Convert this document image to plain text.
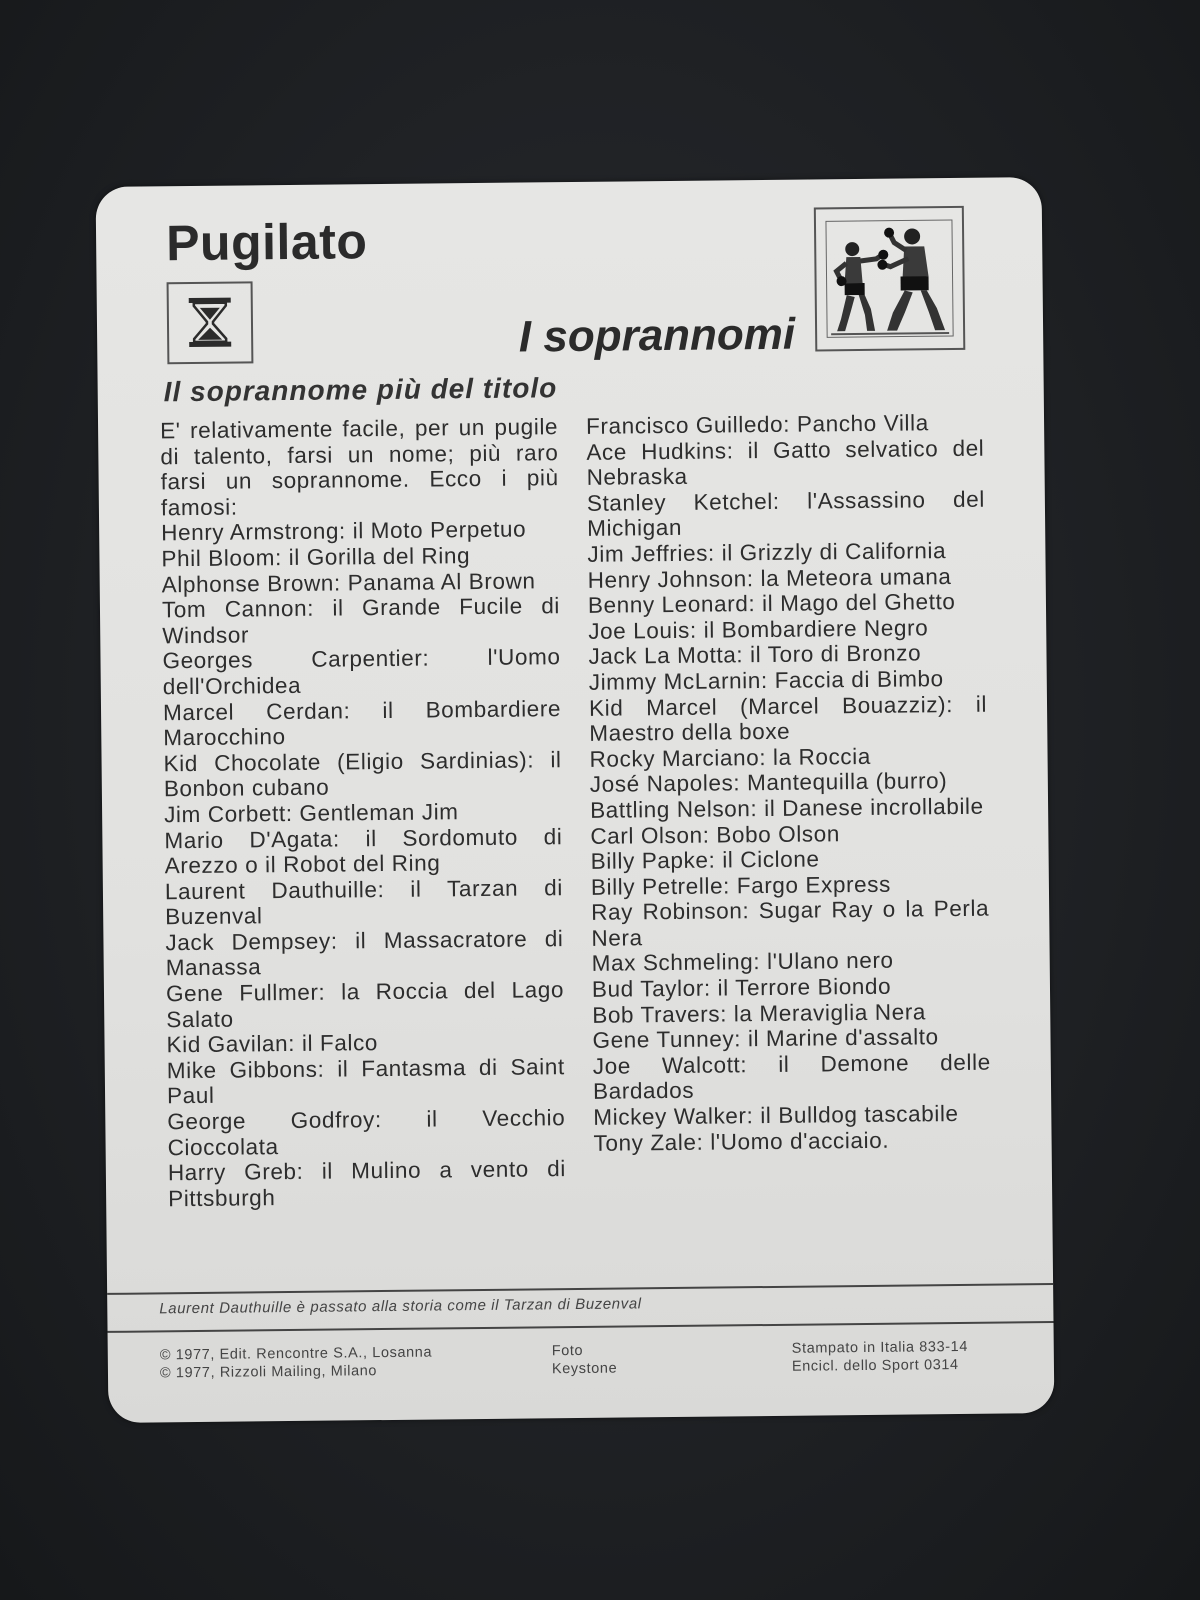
Pugilato
I soprannomi
Il soprannome più del titolo

E' relativamente facile, per un pugile di talento, farsi un nome; più raro farsi un soprannome. Ecco i più famosi:

Henry Armstrong: il Moto Perpetuo

Phil Bloom: il Gorilla del Ring

Alphonse Brown: Panama Al Brown

Tom Cannon: il Grande Fucile di Windsor

Georges Carpentier: l'Uomo dell'Orchidea

Marcel Cerdan: il Bombardiere Marocchino

Kid Chocolate (Eligio Sardinias): il Bonbon cubano

Jim Corbett: Gentleman Jim

Mario D'Agata: il Sordomuto di Arezzo o il Robot del Ring

Laurent Dauthuille: il Tarzan di Buzenval

Jack Dempsey: il Massacratore di Manassa

Gene Fullmer: la Roccia del Lago Salato

Kid Gavilan: il Falco

Mike Gibbons: il Fantasma di Saint Paul

George Godfroy: il Vecchio Cioccolata

Harry Greb: il Mulino a vento di Pittsburgh

Francisco Guilledo: Pancho Villa

Ace Hudkins: il Gatto selvatico del Nebraska

Stanley Ketchel: l'Assassino del Michigan

Jim Jeffries: il Grizzly di California

Henry Johnson: la Meteora umana

Benny Leonard: il Mago del Ghetto

Joe Louis: il Bombardiere Negro

Jack La Motta: il Toro di Bronzo

Jimmy McLarnin: Faccia di Bimbo

Kid Marcel (Marcel Bouazziz): il Maestro della boxe

Rocky Marciano: la Roccia

José Napoles: Mantequilla (burro)

Battling Nelson: il Danese incrollabile

Carl Olson: Bobo Olson

Billy Papke: il Ciclone

Billy Petrelle: Fargo Express

Ray Robinson: Sugar Ray o la Perla Nera

Max Schmeling: l'Ulano nero

Bud Taylor: il Terrore Biondo

Bob Travers: la Meraviglia Nera

Gene Tunney: il Marine d'assalto

Joe Walcott: il Demone delle Bardados

Mickey Walker: il Bulldog tascabile

Tony Zale: l'Uomo d'acciaio.

Laurent Dauthuille è passato alla storia come il Tarzan di Buzenval

© 1977, Edit. Rencontre S.A., Losanna
© 1977, Rizzoli Mailing, Milano
Foto
Keystone
Stampato in Italia 833-14
Encicl. dello Sport 0314
